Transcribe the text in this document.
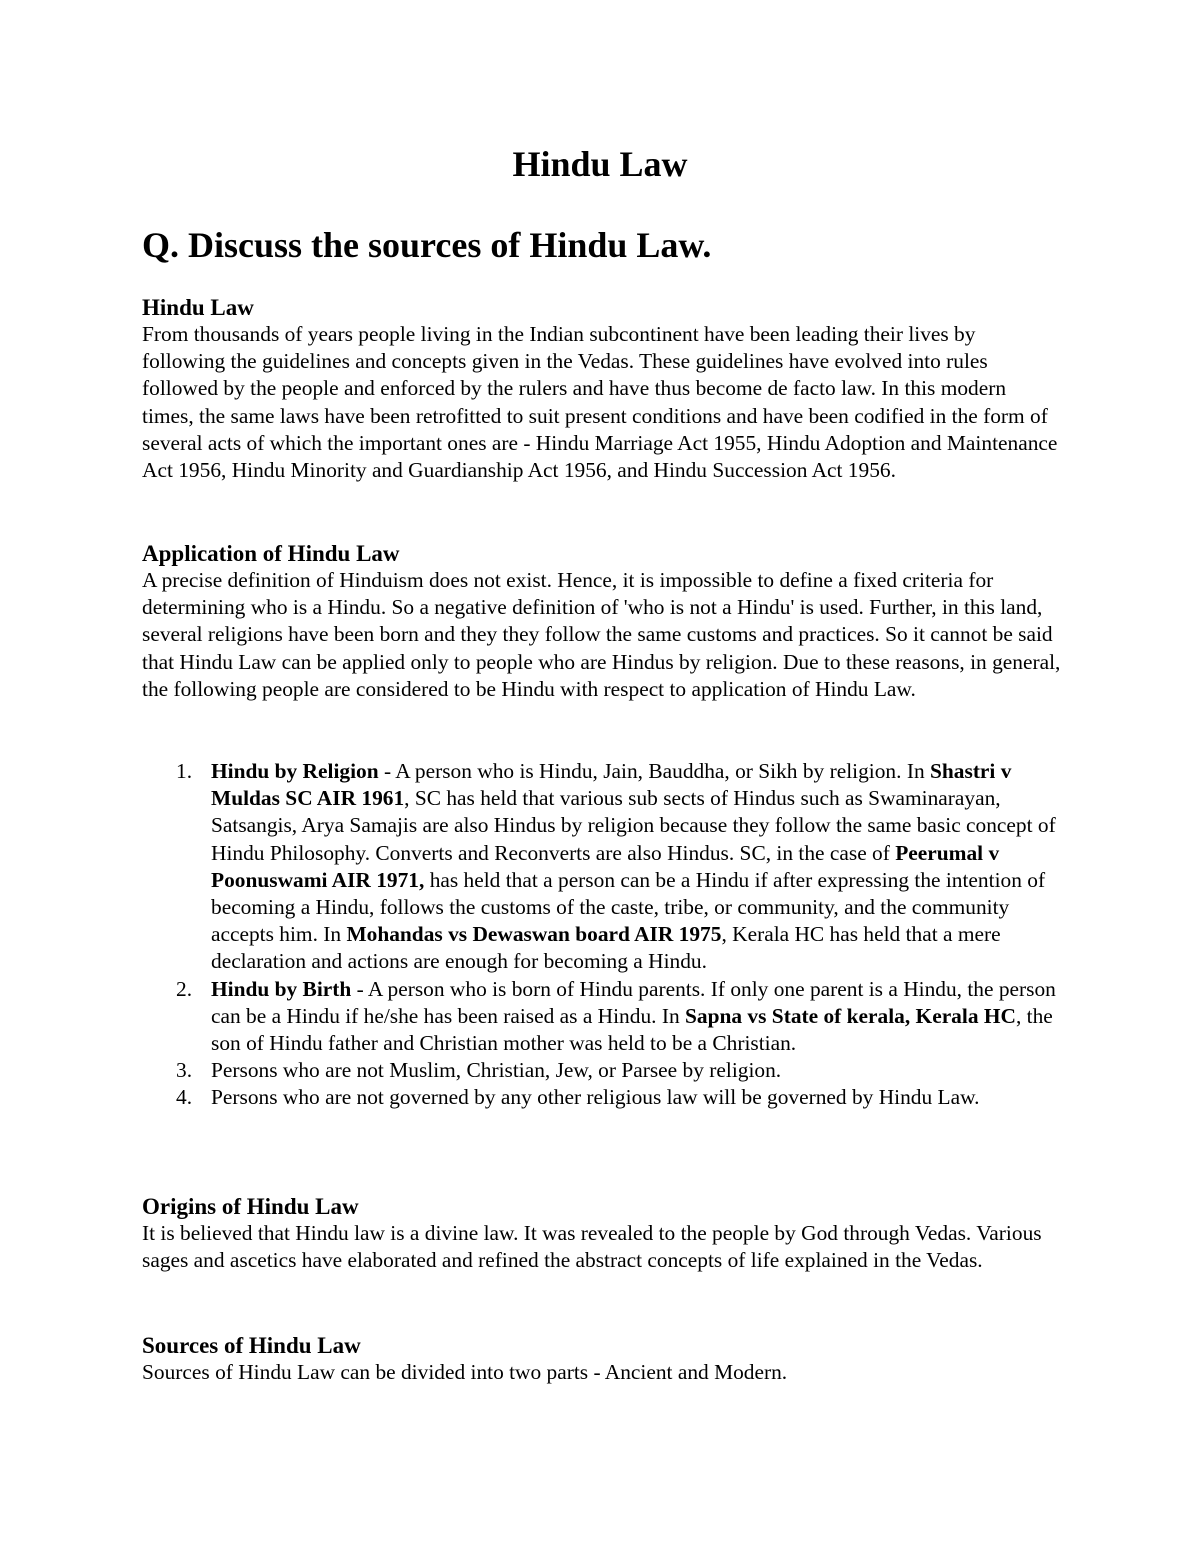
Hindu Law
Q. Discuss the sources of Hindu Law.
Hindu Law

From thousands of years people living in the Indian subcontinent have been leading their lives by following the guidelines and concepts given in the Vedas. These guidelines have evolved into rules followed by the people and enforced by the rulers and have thus become de facto law. In this modern times, the same laws have been retrofitted to suit present conditions and have been codified in the form of several acts of which the important ones are - Hindu Marriage Act 1955, Hindu Adoption and Maintenance Act 1956, Hindu Minority and Guardianship Act 1956, and Hindu Succession Act 1956.

Application of Hindu Law

A precise definition of Hinduism does not exist. Hence, it is impossible to define a fixed criteria for determining who is a Hindu. So a negative definition of 'who is not a Hindu' is used. Further, in this land, several religions have been born and they they follow the same customs and practices. So it cannot be said that Hindu Law can be applied only to people who are Hindus by religion. Due to these reasons, in general, the following people are considered to be Hindu with respect to application of Hindu Law.

1. Hindu by Religion - A person who is Hindu, Jain, Bauddha, or Sikh by religion. In Shastri v Muldas SC AIR 1961, SC has held that various sub sects of Hindus such as Swaminarayan, Satsangis, Arya Samajis are also Hindus by religion because they follow the same basic concept of Hindu Philosophy. Converts and Reconverts are also Hindus. SC, in the case of Peerumal v Poonuswami AIR 1971, has held that a person can be a Hindu if after expressing the intention of becoming a Hindu, follows the customs of the caste, tribe, or community, and the community accepts him. In Mohandas vs Dewaswan board AIR 1975, Kerala HC has held that a mere declaration and actions are enough for becoming a Hindu.
2. Hindu by Birth - A person who is born of Hindu parents. If only one parent is a Hindu, the person can be a Hindu if he/she has been raised as a Hindu. In Sapna vs State of kerala, Kerala HC, the son of Hindu father and Christian mother was held to be a Christian.
3. Persons who are not Muslim, Christian, Jew, or Parsee by religion.
4. Persons who are not governed by any other religious law will be governed by Hindu Law.
Origins of Hindu Law

It is believed that Hindu law is a divine law. It was revealed to the people by God through Vedas. Various sages and ascetics have elaborated and refined the abstract concepts of life explained in the Vedas.

Sources of Hindu Law

Sources of Hindu Law can be divided into two parts - Ancient and Modern.
